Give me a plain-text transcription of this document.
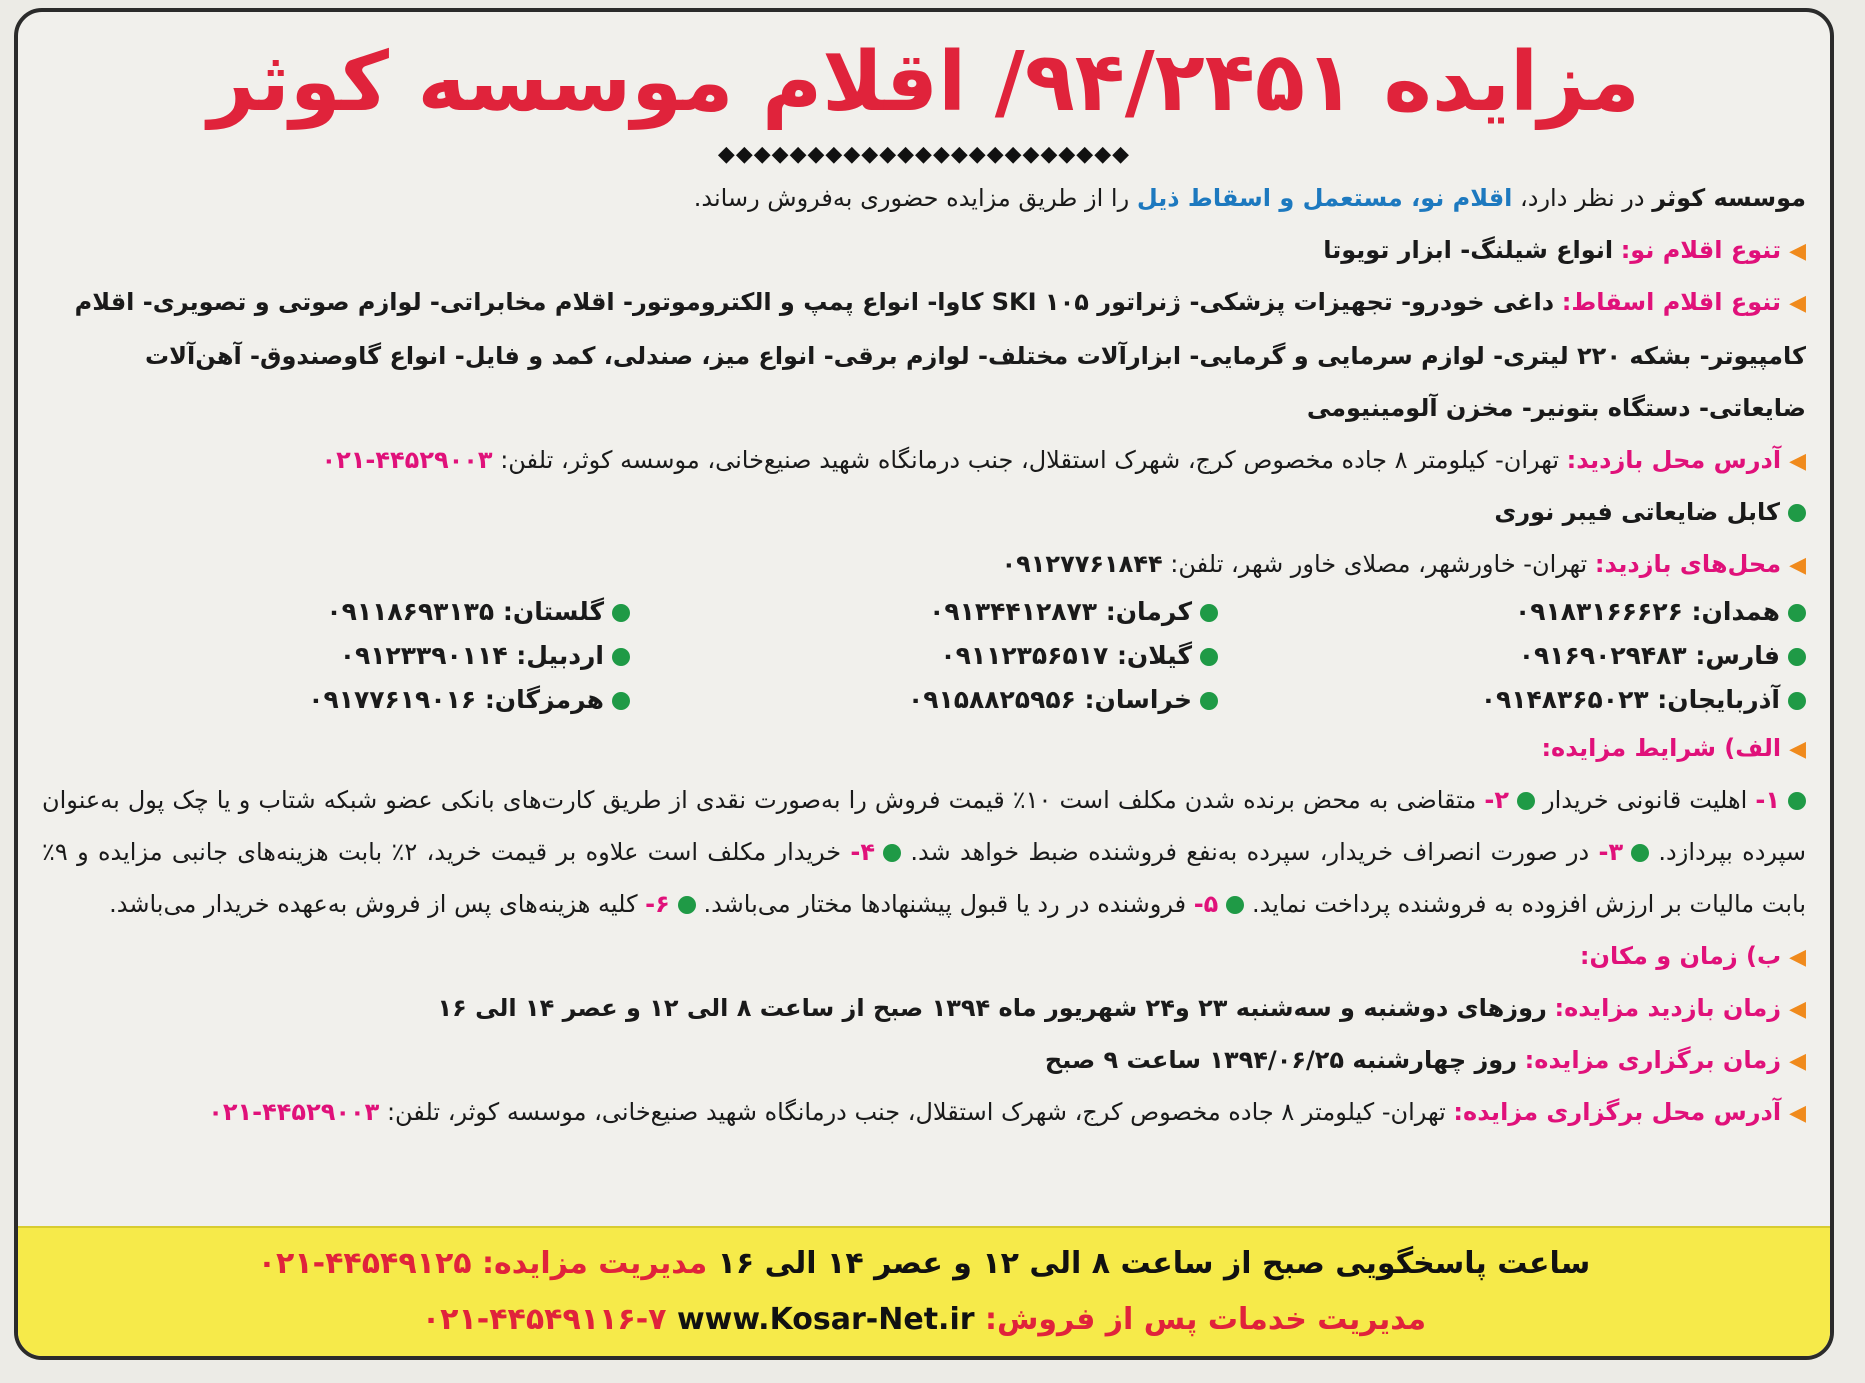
مزایده ۹۴/۲۴۵۱/ اقلام موسسه کوثر
◆◆◆◆◆◆◆◆◆◆◆◆◆◆◆◆◆◆◆◆◆◆◆
موسسه کوثر در نظر دارد، اقلام نو، مستعمل و اسقاط ذیل را از طریق مزایده حضوری به‌فروش رساند.
◀تنوع اقلام نو: انواع شیلنگ- ابزار تویوتا
◀تنوع اقلام اسقاط: داغی خودرو- تجهیزات پزشکی- ژنراتور SKI ۱۰۵ کاوا- انواع پمپ و الکتروموتور- اقلام مخابراتی- لوازم صوتی و تصویری- اقلام کامپیوتر- بشکه ۲۲۰ لیتری- لوازم سرمایی و گرمایی- ابزارآلات مختلف- لوازم برقی- انواع میز، صندلی، کمد و فایل- انواع گاوصندوق- آهن‌آلات ضایعاتی- دستگاه بتونیر- مخزن آلومینیومی
◀آدرس محل بازدید: تهران- کیلومتر ۸ جاده مخصوص کرج، شهرک استقلال، جنب درمانگاه شهید صنیع‌خانی، موسسه کوثر، تلفن: ۰۲۱-۴۴۵۲۹۰۰۳
کابل ضایعاتی فیبر نوری
◀محل‌های بازدید: تهران- خاورشهر، مصلای خاور شهر، تلفن: ۰۹۱۲۷۷۶۱۸۴۴
همدان: ۰۹۱۸۳۱۶۶۶۲۶
کرمان: ۰۹۱۳۴۴۱۲۸۷۳
گلستان: ۰۹۱۱۸۶۹۳۱۳۵
فارس: ۰۹۱۶۹۰۲۹۴۸۳
گیلان: ۰۹۱۱۲۳۵۶۵۱۷
اردبیل: ۰۹۱۲۳۳۹۰۱۱۴
آذربایجان: ۰۹۱۴۸۳۶۵۰۲۳
خراسان: ۰۹۱۵۸۸۲۵۹۵۶
هرمزگان: ۰۹۱۷۷۶۱۹۰۱۶
◀الف) شرایط مزایده:
۱- اهلیت قانونی خریدار ۲- متقاضی به محض برنده شدن مکلف است ۱۰٪ قیمت فروش را به‌صورت نقدی از طریق کارت‌های بانکی عضو شبکه شتاب و یا چک پول به‌عنوان سپرده بپردازد. ۳- در صورت انصراف خریدار، سپرده به‌نفع فروشنده ضبط خواهد شد. ۴- خریدار مکلف است علاوه بر قیمت خرید، ۲٪ بابت هزینه‌های جانبی مزایده و ۹٪ بابت مالیات بر ارزش افزوده به فروشنده پرداخت نماید. ۵- فروشنده در رد یا قبول پیشنهادها مختار می‌باشد. ۶- کلیه هزینه‌های پس از فروش به‌عهده خریدار می‌باشد.
◀ب) زمان و مکان:
◀زمان بازدید مزایده: روزهای دوشنبه و سه‌شنبه ۲۳ و۲۴ شهریور ماه ۱۳۹۴ صبح از ساعت ۸ الی ۱۲ و عصر ۱۴ الی ۱۶
◀زمان برگزاری مزایده: روز چهارشنبه ۱۳۹۴/۰۶/۲۵ ساعت ۹ صبح
◀آدرس محل برگزاری مزایده: تهران- کیلومتر ۸ جاده مخصوص کرج، شهرک استقلال، جنب درمانگاه شهید صنیع‌خانی، موسسه کوثر، تلفن: ۰۲۱-۴۴۵۲۹۰۰۳
ساعت پاسخگویی صبح از ساعت ۸ الی ۱۲ و عصر ۱۴ الی ۱۶ مدیریت مزایده: ۰۲۱-۴۴۵۴۹۱۲۵
مدیریت خدمات پس از فروش: ۰۲۱-۴۴۵۴۹۱۱۶-۷ www.Kosar-Net.ir
